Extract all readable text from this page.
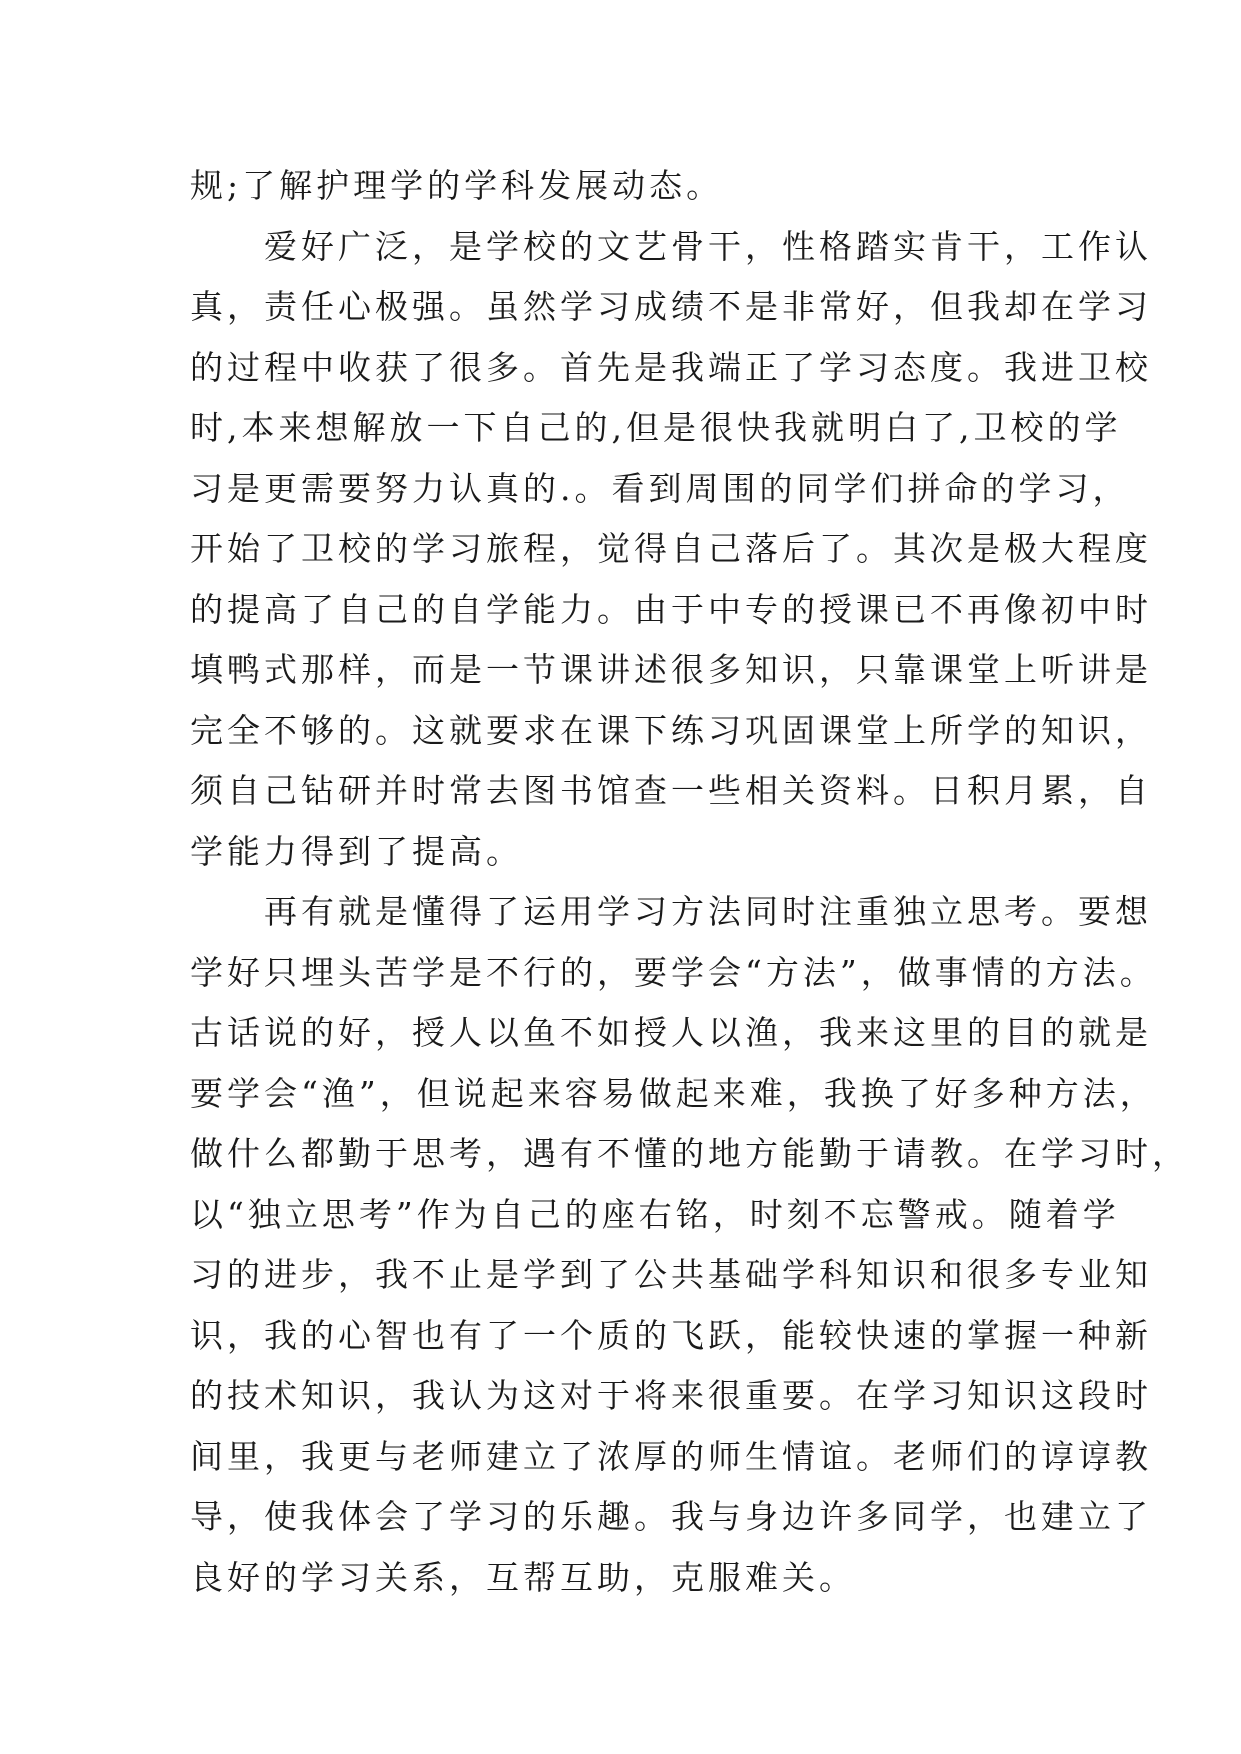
规;了解护理学的学科发展动态。
　　爱好广泛，是学校的文艺骨干，性格踏实肯干，工作认
真，责任心极强。虽然学习成绩不是非常好，但我却在学习
的过程中收获了很多。首先是我端正了学习态度。我进卫校
时,本来想解放一下自己的,但是很快我就明白了,卫校的学
习是更需要努力认真的.。看到周围的同学们拼命的学习，
开始了卫校的学习旅程，觉得自己落后了。其次是极大程度
的提高了自己的自学能力。由于中专的授课已不再像初中时
填鸭式那样，而是一节课讲述很多知识，只靠课堂上听讲是
完全不够的。这就要求在课下练习巩固课堂上所学的知识，
须自己钻研并时常去图书馆查一些相关资料。日积月累，自
学能力得到了提高。
　　再有就是懂得了运用学习方法同时注重独立思考。要想
学好只埋头苦学是不行的，要学会“方法”，做事情的方法。
古话说的好，授人以鱼不如授人以渔，我来这里的目的就是
要学会“渔”，但说起来容易做起来难，我换了好多种方法，
做什么都勤于思考，遇有不懂的地方能勤于请教。在学习时，
以“独立思考”作为自己的座右铭，时刻不忘警戒。随着学
习的进步，我不止是学到了公共基础学科知识和很多专业知
识，我的心智也有了一个质的飞跃，能较快速的掌握一种新
的技术知识，我认为这对于将来很重要。在学习知识这段时
间里，我更与老师建立了浓厚的师生情谊。老师们的谆谆教
导，使我体会了学习的乐趣。我与身边许多同学，也建立了
良好的学习关系，互帮互助，克服难关。
